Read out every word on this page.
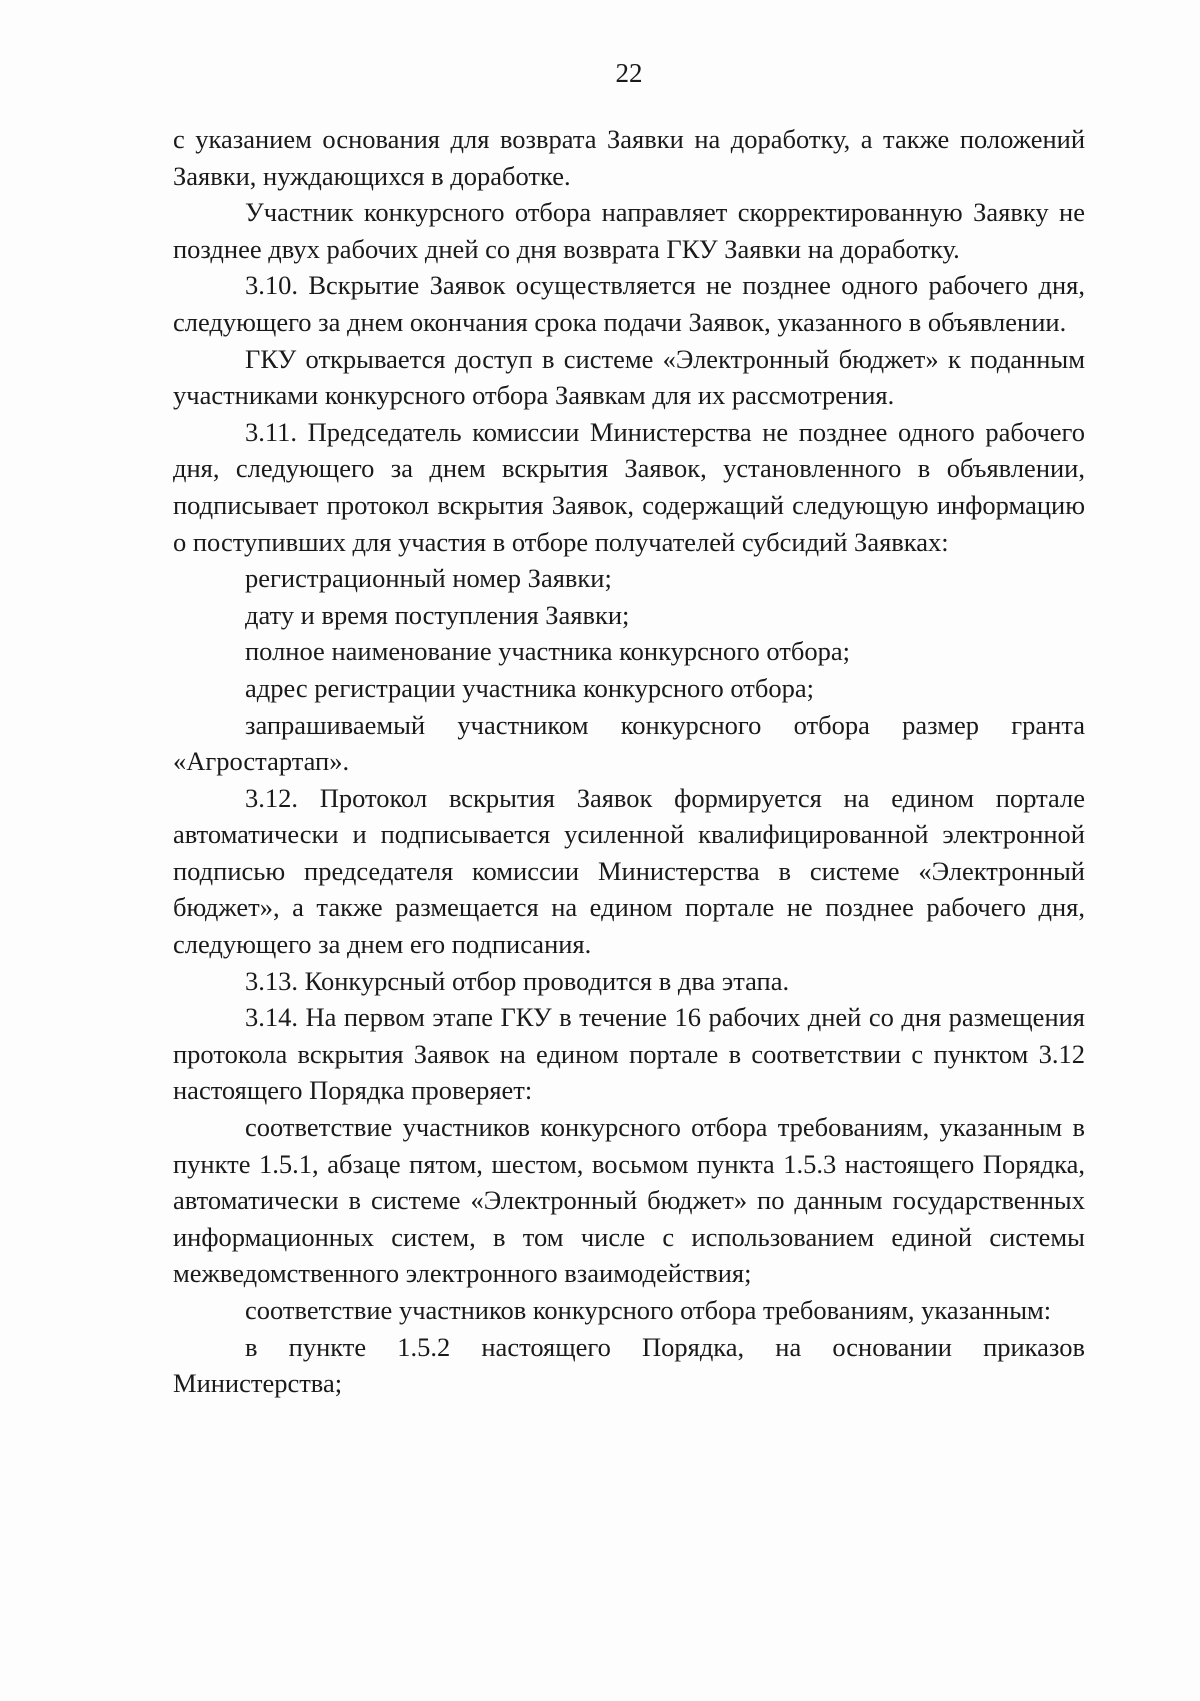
22

с указанием основания для возврата Заявки на доработку, а также положений Заявки, нуждающихся в доработке.

Участник конкурсного отбора направляет скорректированную Заявку не позднее двух рабочих дней со дня возврата ГКУ Заявки на доработку.

3.10. Вскрытие Заявок осуществляется не позднее одного рабочего дня, следующего за днем окончания срока подачи Заявок, указанного в объявлении.

ГКУ открывается доступ в системе «Электронный бюджет» к поданным участниками конкурсного отбора Заявкам для их рассмотрения.

3.11. Председатель комиссии Министерства не позднее одного рабочего дня, следующего за днем вскрытия Заявок, установленного в объявлении, подписывает протокол вскрытия Заявок, содержащий следующую информацию о поступивших для участия в отборе получателей субсидий Заявках:

регистрационный номер Заявки;

дату и время поступления Заявки;

полное наименование участника конкурсного отбора;

адрес регистрации участника конкурсного отбора;

запрашиваемый участником конкурсного отбора размер гранта «Агростартап».

3.12. Протокол вскрытия Заявок формируется на едином портале автоматически и подписывается усиленной квалифицированной электронной подписью председателя комиссии Министерства в системе «Электронный бюджет», а также размещается на едином портале не позднее рабочего дня, следующего за днем его подписания.

3.13. Конкурсный отбор проводится в два этапа.

3.14. На первом этапе ГКУ в течение 16 рабочих дней со дня размещения протокола вскрытия Заявок на едином портале в соответствии с пунктом 3.12 настоящего Порядка проверяет:

соответствие участников конкурсного отбора требованиям, указанным в пункте 1.5.1, абзаце пятом, шестом, восьмом пункта 1.5.3 настоящего Порядка, автоматически в системе «Электронный бюджет» по данным государственных информационных систем, в том числе с использованием единой системы межведомственного электронного взаимодействия;

соответствие участников конкурсного отбора требованиям, указанным:

в пункте 1.5.2 настоящего Порядка, на основании приказов Министерства;
